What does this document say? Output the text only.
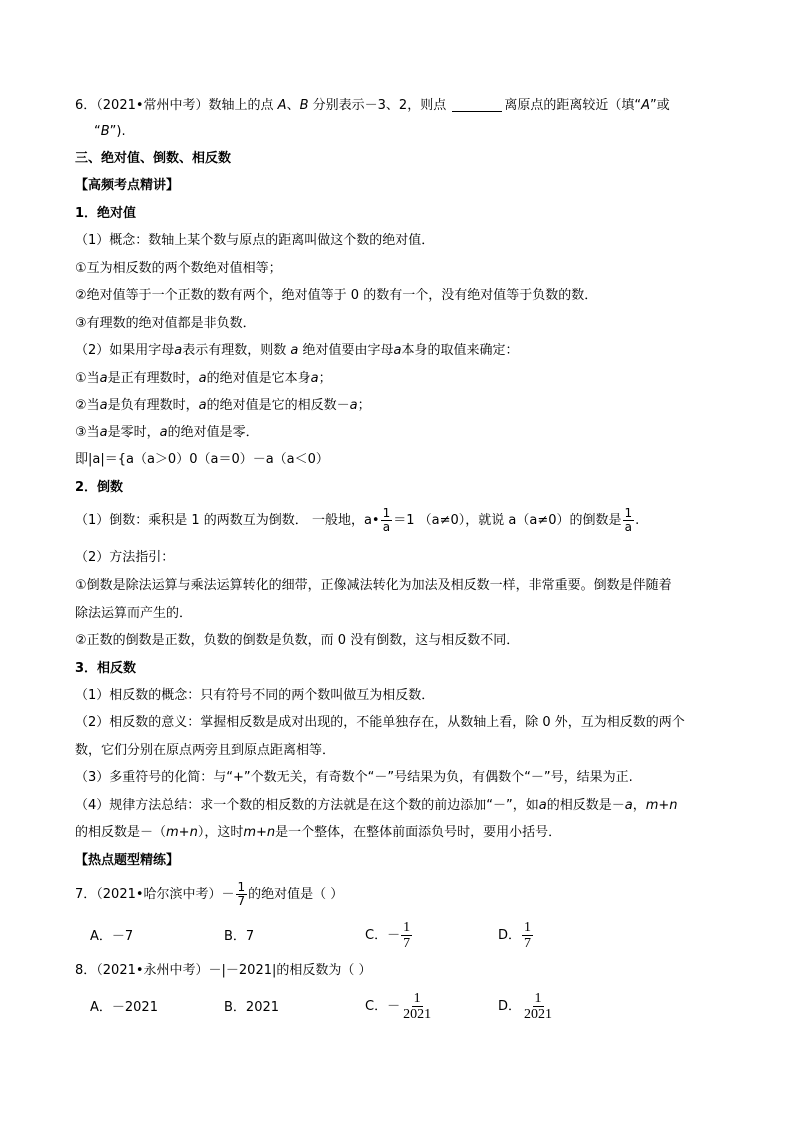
6．（2021•常州中考）数轴上的点 A、B 分别表示－3、2，则点	离原点的距离较近（填“A”或
“B”).
三、绝对值、倒数、相反数
【高频考点精讲】
1．绝对值
（1）概念：数轴上某个数与原点的距离叫做这个数的绝对值．
①互为相反数的两个数绝对值相等；
②绝对值等于一个正数的数有两个，绝对值等于 0 的数有一个，没有绝对值等于负数的数．
③有理数的绝对值都是非负数．
（2）如果用字母a表示有理数，则数 a 绝对值要由字母a本身的取值来确定：
①当a是正有理数时，a的绝对值是它本身a；
②当a是负有理数时，a的绝对值是它的相反数－a；
③当a是零时，a的绝对值是零．
即|a|＝{a（a＞0）0（a＝0）－a（a＜0）
2．倒数
（1）倒数：乘积是 1 的两数互为倒数． 一般地，a• $\frac{1}{a} =1$ （a≠0），就说 a（a≠0）的倒数是 $\frac{1}{a}$ .
（2）方法指引：
①倒数是除法运算与乘法运算转化的细带，正像减法转化为加法及相反数一样，非常重要。倒数是伴随着
除法运算而产生的．
②正数的倒数是正数，负数的倒数是负数，而 0 没有倒数，这与相反数不同．
3．相反数
（1）相反数的概念：只有符号不同的两个数叫做互为相反数．
（2）相反数的意义：掌握相反数是成对出现的，不能单独存在，从数轴上看，除 0 外，互为相反数的两个
数，它们分别在原点两旁且到原点距离相等．
（3）多重符号的化简：与“+”个数无关，有奇数个“－”号结果为负，有偶数个“－”号，结果为正.
（4）规律方法总结：求一个数的相反数的方法就是在这个数的前边添加“－”，如a的相反数是－a，m+n
的相反数是－（m+n），这时m+n是一个整体，在整体前面添负号时，要用小括号．
【热点题型精练】
7．（2021•哈尔滨中考）－ $\frac{1}{7}$ 的绝对值是（ ）
A．－7	B．7	C．－ $\frac{1}{7}$	D． $\frac{1}{7}$
8．（2021•永州中考）－|－2021|的相反数为（ ）
A．－2021	B．2021	C．－ $\frac{1}{2021}$	D． $\frac{1}{2021}$
